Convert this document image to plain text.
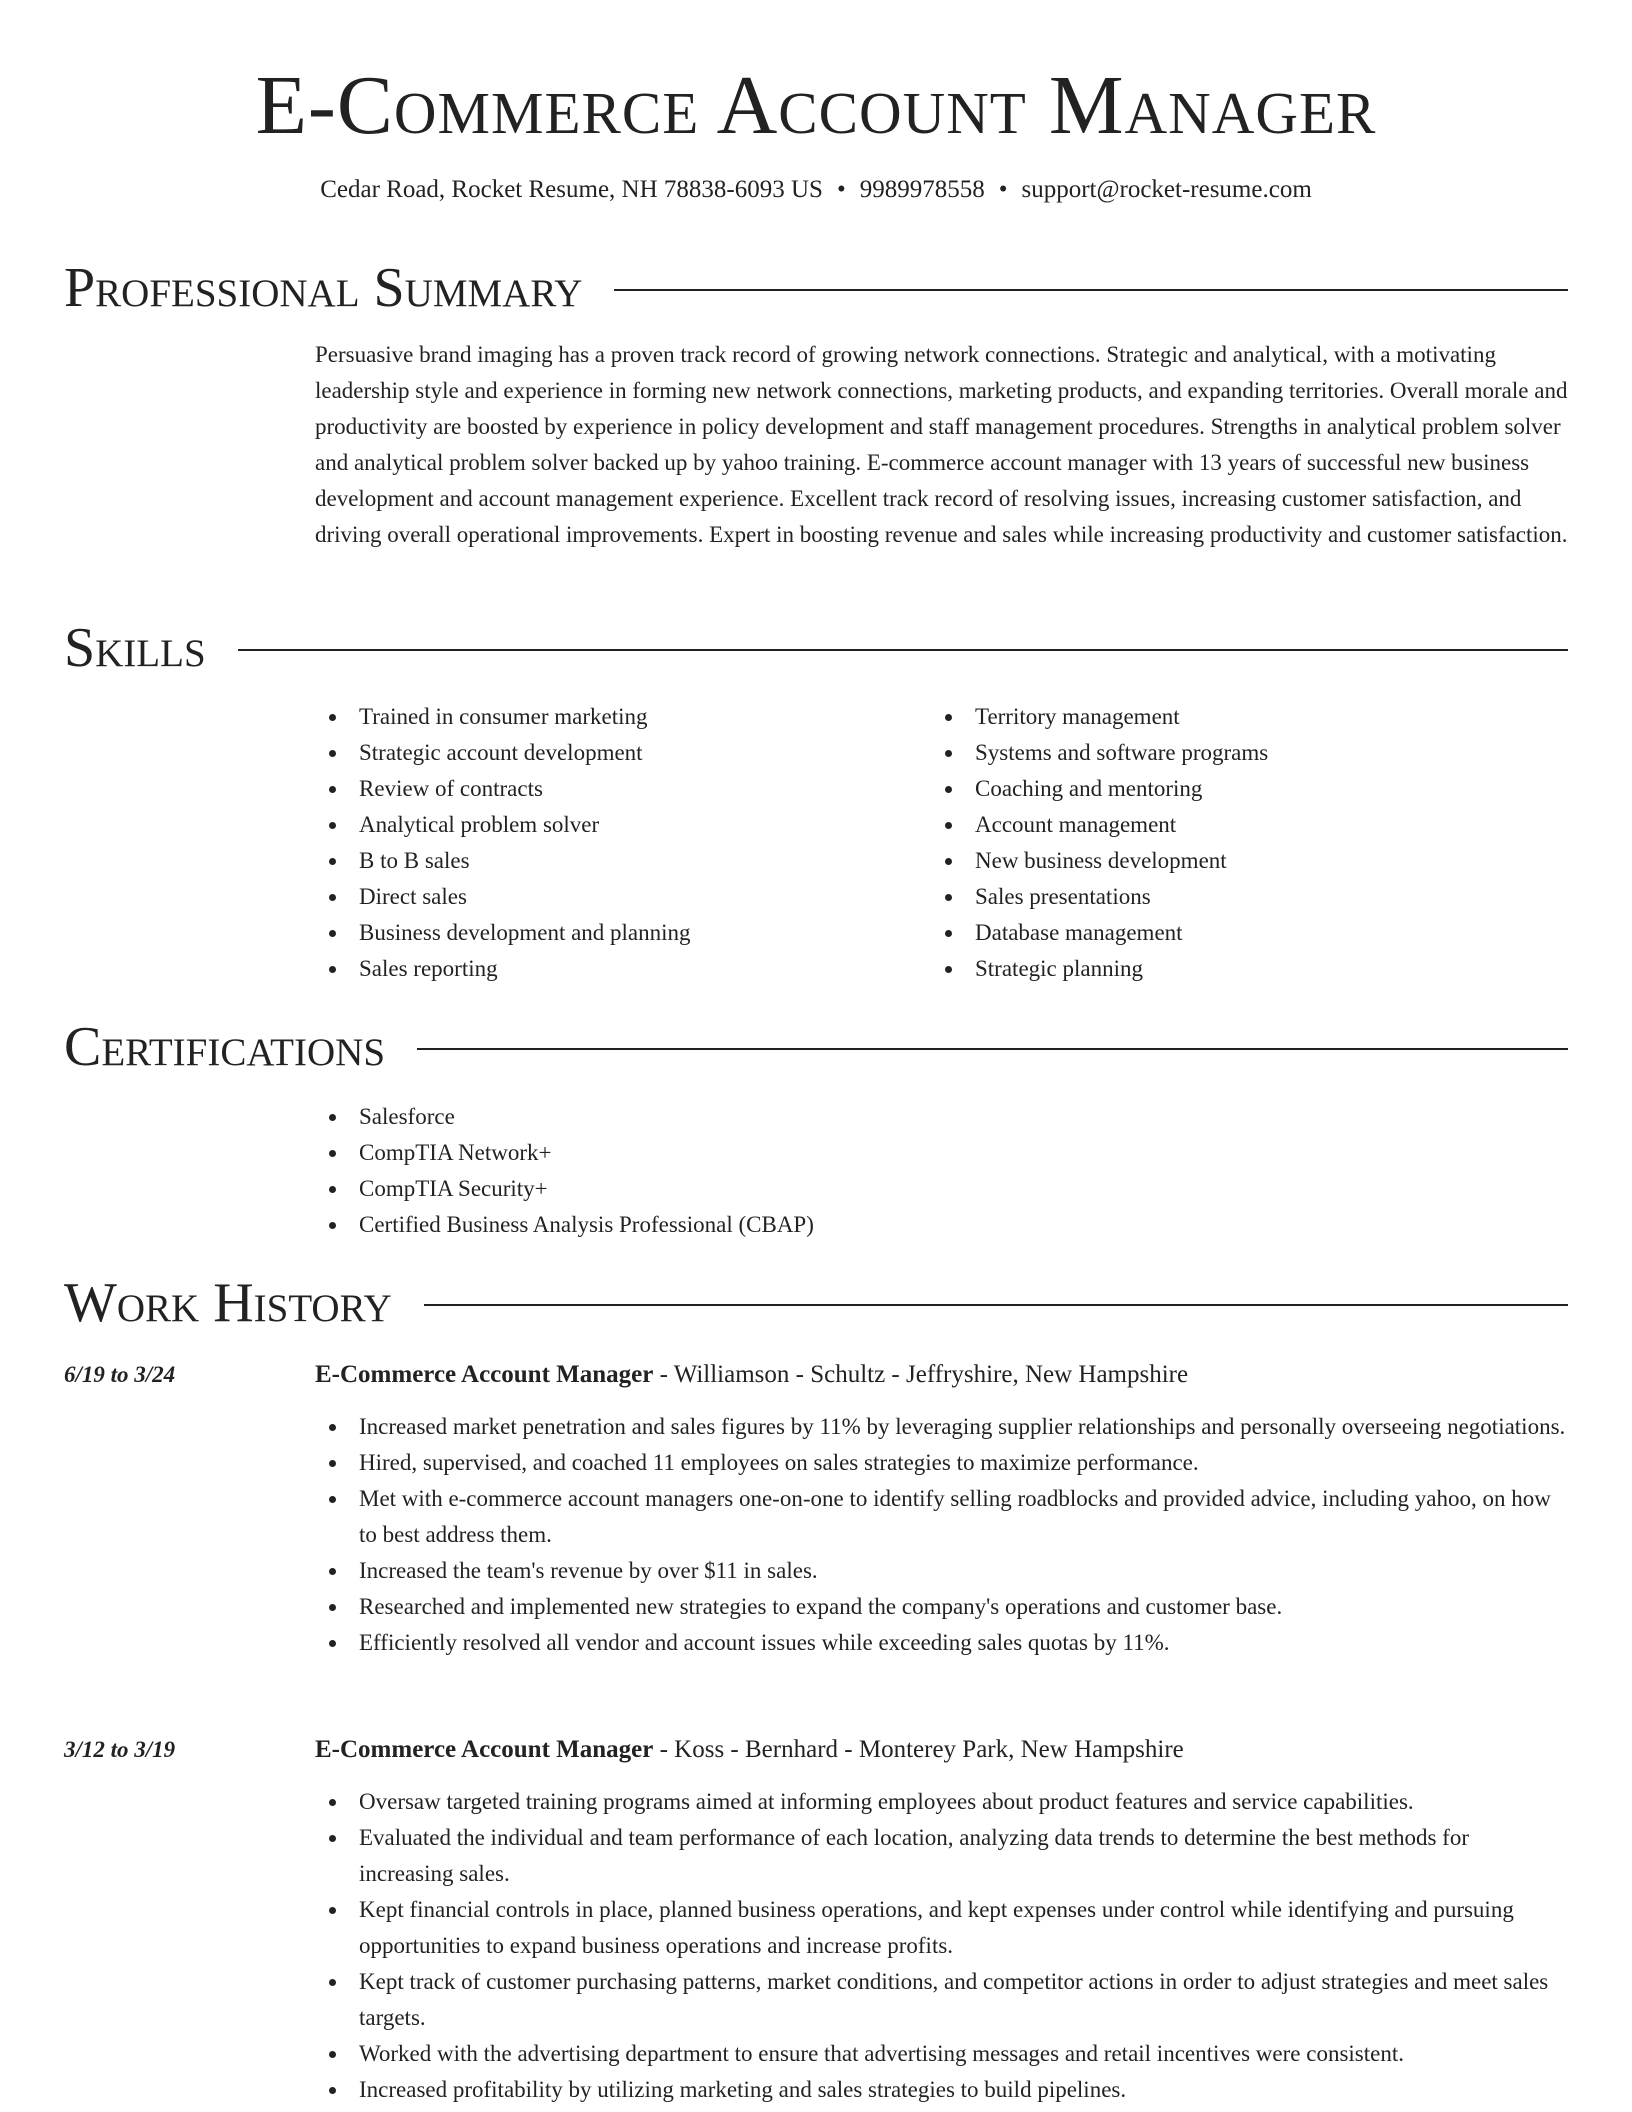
E-Commerce Account Manager
Cedar Road, Rocket Resume, NH 78838-6093 US • 9989978558 • support@rocket-resume.com
Professional Summary

Persuasive brand imaging has a proven track record of growing network connections. Strategic and analytical, with a motivating leadership style and experience in forming new network connections, marketing products, and expanding territories. Overall morale and productivity are boosted by experience in policy development and staff management procedures. Strengths in analytical problem solver and analytical problem solver backed up by yahoo training. E-commerce account manager with 13 years of successful new business development and account management experience. Excellent track record of resolving issues, increasing customer satisfaction, and driving overall operational improvements. Expert in boosting revenue and sales while increasing productivity and customer satisfaction.

Skills
Trained in consumer marketing
Strategic account development
Review of contracts
Analytical problem solver
B to B sales
Direct sales
Business development and planning
Sales reporting
Territory management
Systems and software programs
Coaching and mentoring
Account management
New business development
Sales presentations
Database management
Strategic planning
Certifications
Salesforce
CompTIA Network+
CompTIA Security+
Certified Business Analysis Professional (CBAP)
Work History
6/19 to 3/24	E-Commerce Account Manager - Williamson - Schultz - Jeffryshire, New Hampshire
Increased market penetration and sales figures by 11% by leveraging supplier relationships and personally overseeing negotiations.
Hired, supervised, and coached 11 employees on sales strategies to maximize performance.
Met with e-commerce account managers one-on-one to identify selling roadblocks and provided advice, including yahoo, on how to best address them.
Increased the team's revenue by over $11 in sales.
Researched and implemented new strategies to expand the company's operations and customer base.
Efficiently resolved all vendor and account issues while exceeding sales quotas by 11%.
3/12 to 3/19	E-Commerce Account Manager - Koss - Bernhard - Monterey Park, New Hampshire
Oversaw targeted training programs aimed at informing employees about product features and service capabilities.
Evaluated the individual and team performance of each location, analyzing data trends to determine the best methods for increasing sales.
Kept financial controls in place, planned business operations, and kept expenses under control while identifying and pursuing opportunities to expand business operations and increase profits.
Kept track of customer purchasing patterns, market conditions, and competitor actions in order to adjust strategies and meet sales targets.
Worked with the advertising department to ensure that advertising messages and retail incentives were consistent.
Increased profitability by utilizing marketing and sales strategies to build pipelines.
